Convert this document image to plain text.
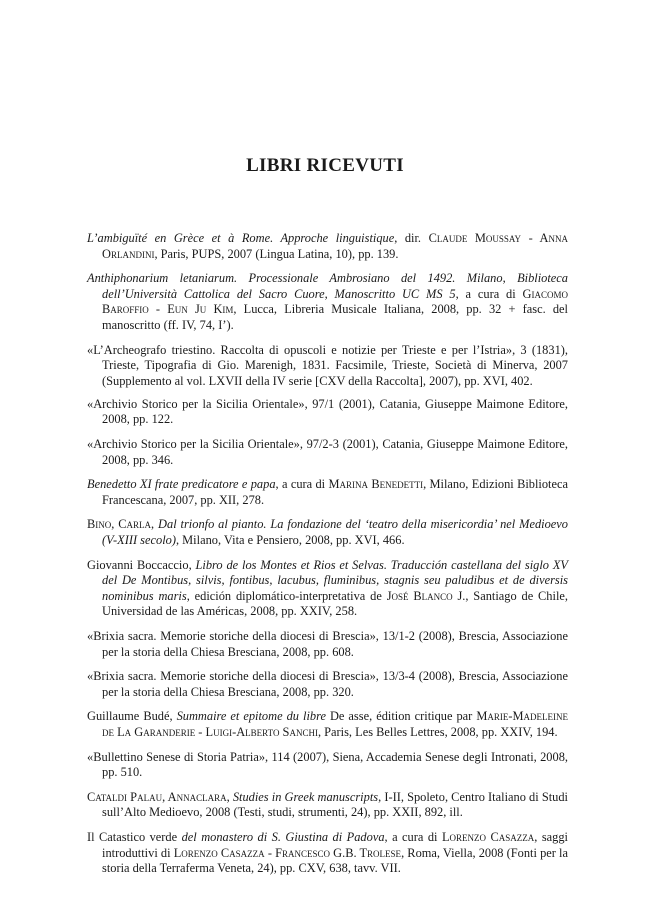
LIBRI RICEVUTI

L’ambiguïté en Grèce et à Rome. Approche linguistique, dir. Claude Moussay - Anna Orlandini, Paris, PUPS, 2007 (Lingua Latina, 10), pp. 139.

Anthiphonarium letaniarum. Processionale Ambrosiano del 1492. Milano, Biblioteca dell’Università Cattolica del Sacro Cuore, Manoscritto UC MS 5, a cura di Giacomo Baroffio - Eun Ju Kim, Lucca, Libreria Musicale Italiana, 2008, pp. 32 + fasc. del manoscritto (ff. IV, 74, I’).

«L’Archeografo triestino. Raccolta di opuscoli e notizie per Trieste e per l’Istria», 3 (1831), Trieste, Tipografia di Gio. Marenigh, 1831. Facsimile, Trieste, Società di Minerva, 2007 (Supplemento al vol. LXVII della IV serie [CXV della Raccolta], 2007), pp. XVI, 402.

«Archivio Storico per la Sicilia Orientale», 97/1 (2001), Catania, Giuseppe Maimone Editore, 2008, pp. 122.

«Archivio Storico per la Sicilia Orientale», 97/2-3 (2001), Catania, Giuseppe Maimone Editore, 2008, pp. 346.

Benedetto XI frate predicatore e papa, a cura di Marina Benedetti, Milano, Edizioni Biblioteca Francescana, 2007, pp. XII, 278.

Bino, Carla, Dal trionfo al pianto. La fondazione del ‘teatro della misericordia’ nel Medioevo (V-XIII secolo), Milano, Vita e Pensiero, 2008, pp. XVI, 466.

Giovanni Boccaccio, Libro de los Montes et Rios et Selvas. Traducción castellana del siglo XV del De Montibus, silvis, fontibus, lacubus, fluminibus, stagnis seu paludibus et de diversis nominibus maris, edición diplomático-interpretativa de José Blanco J., Santiago de Chile, Universidad de las Américas, 2008, pp. XXIV, 258.

«Brixia sacra. Memorie storiche della diocesi di Brescia», 13/1-2 (2008), Brescia, Associazione per la storia della Chiesa Bresciana, 2008, pp. 608.

«Brixia sacra. Memorie storiche della diocesi di Brescia», 13/3-4 (2008), Brescia, Associazione per la storia della Chiesa Bresciana, 2008, pp. 320.

Guillaume Budé, Summaire et epitome du libre De asse, édition critique par Marie-Madeleine de La Garanderie - Luigi-Alberto Sanchi, Paris, Les Belles Lettres, 2008, pp. XXIV, 194.

«Bullettino Senese di Storia Patria», 114 (2007), Siena, Accademia Senese degli Intronati, 2008, pp. 510.

Cataldi Palau, Annaclara, Studies in Greek manuscripts, I-II, Spoleto, Centro Italiano di Studi sull’Alto Medioevo, 2008 (Testi, studi, strumenti, 24), pp. XXII, 892, ill.

Il Catastico verde del monastero di S. Giustina di Padova, a cura di Lorenzo Casazza, saggi introduttivi di Lorenzo Casazza - Francesco G.B. Trolese, Roma, Viella, 2008 (Fonti per la storia della Terraferma Veneta, 24), pp. CXV, 638, tavv. VII.
